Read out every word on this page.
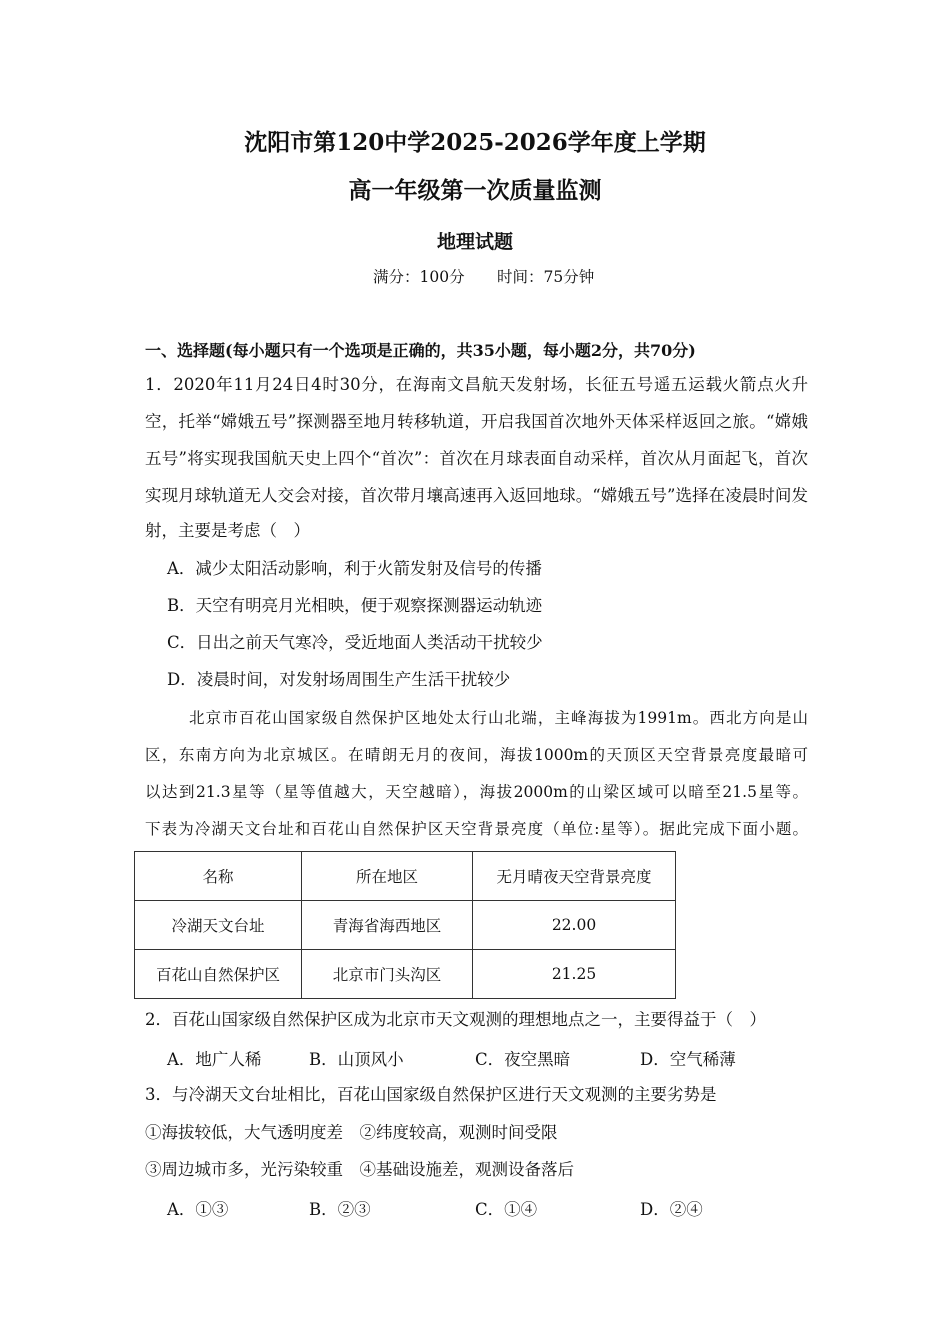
沈阳市第120中学2025-2026学年度上学期
高一年级第一次质量监测
地理试题
满分：100分 时间：75分钟
一、选择题(每小题只有一个选项是正确的，共35小题，每小题2分，共70分)
1．2020年11月24日4时30分，在海南文昌航天发射场，长征五号遥五运载火箭点火升
空，托举“嫦娥五号”探测器至地月转移轨道，开启我国首次地外天体采样返回之旅。“嫦娥
五号”将实现我国航天史上四个“首次”：首次在月球表面自动采样，首次从月面起飞，首次
实现月球轨道无人交会对接，首次带月壤高速再入返回地球。“嫦娥五号”选择在凌晨时间发
射，主要是考虑（　）
A．减少太阳活动影响，利于火箭发射及信号的传播
B．天空有明亮月光相映，便于观察探测器运动轨迹
C．日出之前天气寒冷，受近地面人类活动干扰较少
D．凌晨时间，对发射场周围生产生活干扰较少
北京市百花山国家级自然保护区地处太行山北端，主峰海拔为1991m。西北方向是山
区，东南方向为北京城区。在晴朗无月的夜间，海拔1000m的天顶区天空背景亮度最暗可
以达到21.3星等（星等值越大，天空越暗），海拔2000m的山梁区域可以暗至21.5星等。
下表为冷湖天文台址和百花山自然保护区天空背景亮度（单位:星等）。据此完成下面小题。
名称	所在地区	无月晴夜天空背景亮度
冷湖天文台址	青海省海西地区	22.00
百花山自然保护区	北京市门头沟区	21.25
2．百花山国家级自然保护区成为北京市天文观测的理想地点之一，主要得益于（　）
A．地广人稀	B．山顶风小	C．夜空黑暗	D．空气稀薄
3．与冷湖天文台址相比，百花山国家级自然保护区进行天文观测的主要劣势是
①海拔较低，大气透明度差　②纬度较高，观测时间受限
③周边城市多，光污染较重　④基础设施差，观测设备落后
A．①③	B．②③	C．①④	D．②④
